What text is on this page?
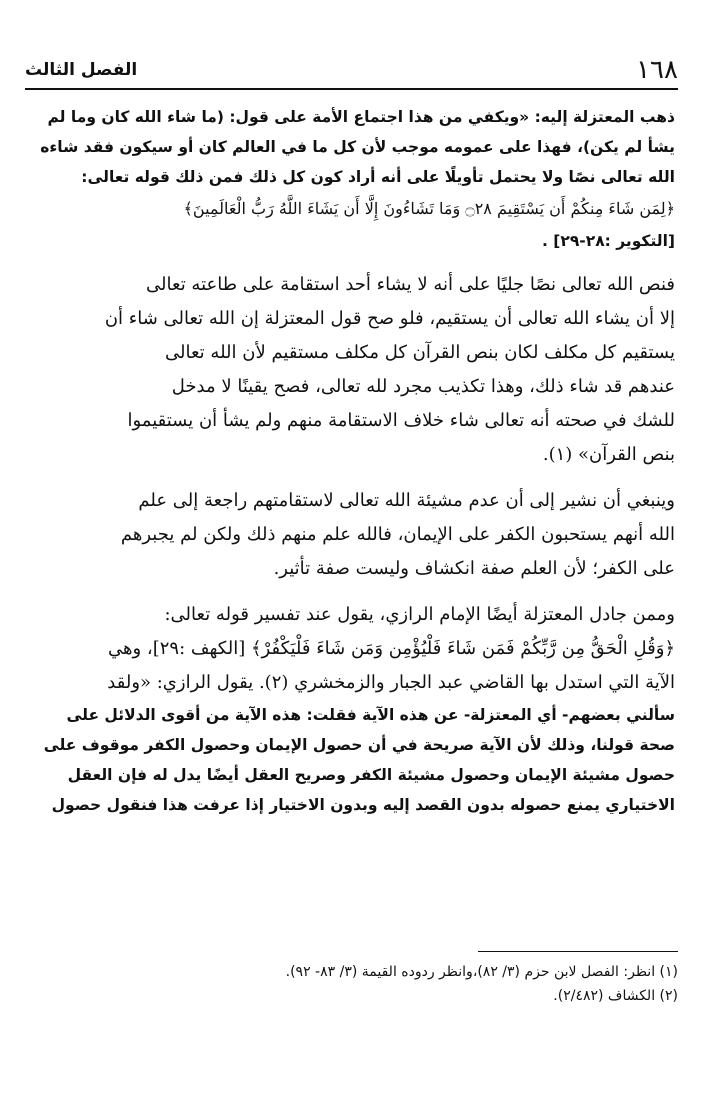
١٦٨
الفصل الثالث
ذهب المعتزلة إليه: «ويكفي من هذا اجتماع الأمة على قول: (ما شاء الله كان وما لم
يشأ لم يكن)، فهذا على عمومه موجب لأن كل ما في العالم كان أو سيكون فقد شاءه
الله تعالى نصًا ولا يحتمل تأويلًا على أنه أراد كون كل ذلك فمن ذلك قوله تعالى:
﴿لِمَن شَاءَ مِنكُمْ أَن يَسْتَقِيمَ ۝٢٨ وَمَا تَشَاءُونَ إِلَّا أَن يَشَاءَ اللَّهُ رَبُّ الْعَالَمِينَ﴾
[التكوير :٢٨-٢٩] .
فنص الله تعالى نصًا جليًا على أنه لا يشاء أحد استقامة على طاعته تعالى
إلا أن يشاء الله تعالى أن يستقيم، فلو صح قول المعتزلة إن الله تعالى شاء أن
يستقيم كل مكلف لكان بنص القرآن كل مكلف مستقيم لأن الله تعالى
عندهم قد شاء ذلك، وهذا تكذيب مجرد لله تعالى، فصح يقينًا لا مدخل
للشك في صحته أنه تعالى شاء خلاف الاستقامة منهم ولم يشأ أن يستقيموا
بنص القرآن» (١).
وينبغي أن نشير إلى أن عدم مشيئة الله تعالى لاستقامتهم راجعة إلى علم
الله أنهم يستحبون الكفر على الإيمان، فالله علم منهم ذلك ولكن لم يجبرهم
على الكفر؛ لأن العلم صفة انكشاف وليست صفة تأثير.
وممن جادل المعتزلة أيضًا الإمام الرازي، يقول عند تفسير قوله تعالى:
﴿وَقُلِ الْحَقُّ مِن رَّبِّكُمْ فَمَن شَاءَ فَلْيُؤْمِن وَمَن شَاءَ فَلْيَكْفُرْ﴾ [الكهف :٢٩]، وهي
الآية التي استدل بها القاضي عبد الجبار والزمخشري (٢). يقول الرازي: «ولقد
سألني بعضهم- أي المعتزلة- عن هذه الآية فقلت: هذه الآية من أقوى الدلائل على
صحة قولنا، وذلك لأن الآية صريحة في أن حصول الإيمان وحصول الكفر موقوف على
حصول مشيئة الإيمان وحصول مشيئة الكفر وصريح العقل أيضًا يدل له فإن العقل
الاختياري يمنع حصوله بدون القصد إليه وبدون الاختيار إذا عرفت هذا فنقول حصول

(١) انظر: الفصل لابن حزم (٣/ ٨٢)،وانظر ردوده القيمة (٣/ ٨٣- ٩٢).

(٢) الكشاف (٢/٤٨٢).
